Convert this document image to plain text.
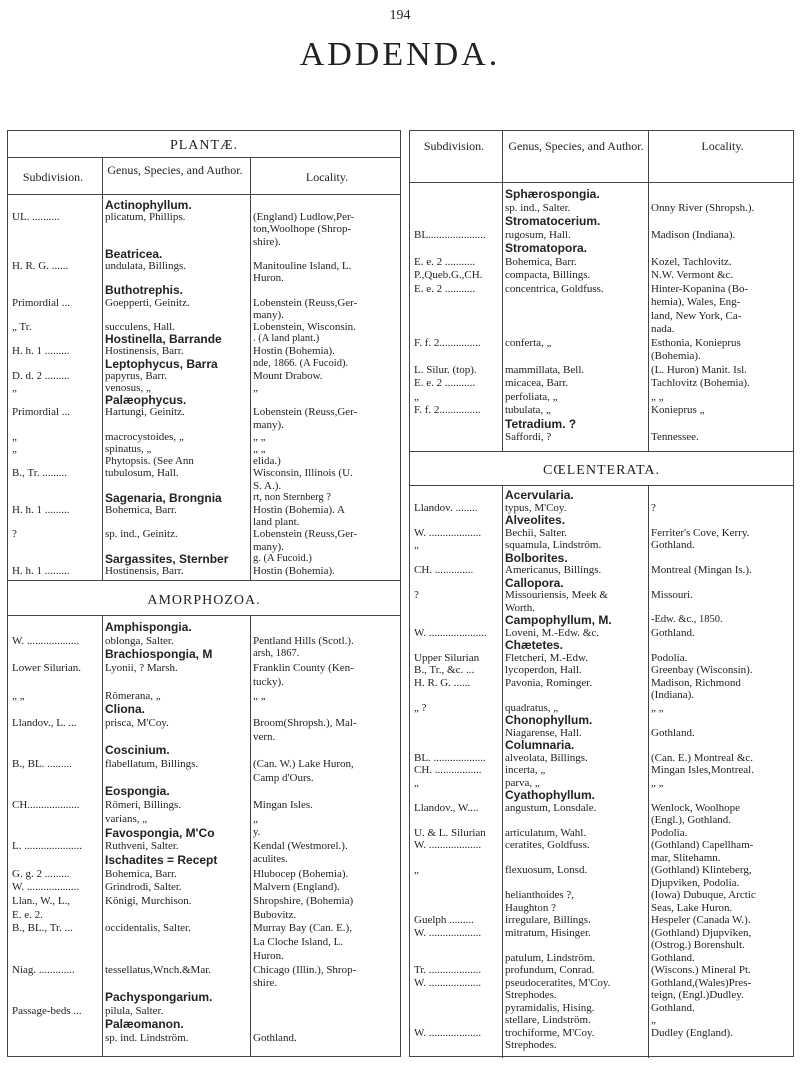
194
ADDENDA.
PLANTÆ.
Subdivision.	Genus, Species, and Author.	Locality.
Actinophyllum.
UL. ..........	plicatum, Phillips.	(England) Ludlow,Per-
ton,Woolhope (Shrop-
shire).
Beatricea.
H. R. G. ......	undulata, Billings.	Manitouline Island, L.
Huron.
Buthotrephis.
Primordial ...	Goepperti, Geinitz.	Lobenstein (Reuss,Ger-
many).
„ Tr.	succulens, Hall.	Lobenstein, Wisconsin.
Hostinella, Barrande	. (A land plant.)
H. h. 1 .........	Hostinensis, Barr.	Hostin (Bohemia).
Leptophycus, Barra	nde, 1866. (A Fucoid).
D. d. 2 .........	papyrus, Barr.	Mount Drabow.
„	venosus, „	„
Palæophycus.
Primordial ...	Hartungi, Geinitz.	Lobenstein (Reuss,Ger-
many).
„	macrocystoides, „	„ „
„	spinatus, „	„ „
Phytopsis. (See Ann	elida.)
B., Tr. .........	tubulosum, Hall.	Wisconsin, Illinois (U.
S. A.).
Sagenaria, Brongnia	rt, non Sternberg ?
H. h. 1 .........	Bohemica, Barr.	Hostin (Bohemia). A
land plant.
?	sp. ind., Geinitz.	Lobenstein (Reuss,Ger-
many).
Sargassites, Sternber	g. (A Fucoid.)
H. h. 1 .........	Hostinensis, Barr.	Hostin (Bohemia).
AMORPHOZOA.
Amphispongia.
W. ...................	oblonga, Salter.	Pentland Hills (Scotl.).
Brachiospongia, M	arsh, 1867.
Lower Silurian.	Lyonii, ? Marsh.	Franklin County (Ken-
tucky).
„ „	Römerana, „	„ „
Cliona.
Llandov., L. ...	prisca, M'Coy.	Broom(Shropsh.), Mal-
vern.
Coscinium.
B., BL. .........	flabellatum, Billings.	(Can. W.) Lake Huron,
Camp d'Ours.
Eospongia.
CH...................	Römeri, Billings.	Mingan Isles.
varians, „	„
Favospongia, M'Co	y.
L. .....................	Ruthveni, Salter.	Kendal (Westmorel.).
Ischadites = Recept	aculites.
G. g. 2 .........	Bohemica, Barr.	Hlubocep (Bohemia).
W. ...................	Grindrodi, Salter.	Malvern (England).
Llan., W., L.,	Königi, Murchison.	Shropshire, (Bohemia)
E. e. 2.	Bubovitz.
B., BL., Tr. ...	occidentalis, Salter.	Murray Bay (Can. E.),
La Cloche Island, L.
Huron.
Niag. .............	tessellatus,Wnch.&Mar.	Chicago (Illin.), Shrop-
shire.
Pachyspongarium.
Passage-beds ...	pilula, Salter.
Palæomanon.
sp. ind. Lindström.	Gothland.
Subdivision.	Genus, Species, and Author.	Locality.
Sphærospongia.
sp. ind., Salter.	Onny River (Shropsh.).
Stromatocerium.
BL.....................	rugosum, Hall.	Madison (Indiana).
Stromatopora.
E. e. 2 ...........	Bohemica, Barr.	Kozel, Tachlovitz.
P.,Queb.G.,CH.	compacta, Billings.	N.W. Vermont &c.
E. e. 2 ...........	concentrica, Goldfuss.	Hinter-Kopanina (Bo-
hemia), Wales, Eng-
land, New York, Ca-
nada.
F. f. 2...............	conferta, „	Esthonia, Konieprus
(Bohemia).
L. Silur. (top).	mammillata, Bell.	(L. Huron) Manit. Isl.
E. e. 2 ...........	micacea, Barr.	Tachlovitz (Bohemia).
„	perfoliata, „	„ „
F. f. 2...............	tubulata, „	Konieprus „
Tetradium. ?
Saffordi, ?	Tennessee.
CŒLENTERATA.
Acervularia.
Llandov. ........	typus, M'Coy.	?
Alveolites.
W. ...................	Bechii, Salter.	Ferriter's Cove, Kerry.
„	squamula, Lindström.	Gothland.
Bolborites.
CH. ..............	Americanus, Billings.	Montreal (Mingan Is.).
Callopora.
?	Missouriensis, Meek &	Missouri.
Worth.
Campophyllum, M.	-Edw. &c., 1850.
W. .....................	Loveni, M.-Edw. &c.	Gothland.
Chætetes.
Upper Silurian	Fletcheri, M.-Edw.	Podolia.
B., Tr., &c. ...	lycoperdon, Hall.	Greenbay (Wisconsin).
H. R. G. ......	Pavonia, Rominger.	Madison, Richmond
(Indiana).
„ ?	quadratus, „	„ „
Chonophyllum.
Niagarense, Hall.	Gothland.
Columnaria.
BL. ...................	alveolata, Billings.	(Can. E.) Montreal &c.
CH. .................	incerta, „	Mingan Isles,Montreal.
„	parva, „	„ „
Cyathophyllum.
Llandov., W....	angustum, Lonsdale.	Wenlock, Woolhope
(Engl.), Gothland.
U. & L. Silurian	articulatum, Wahl.	Podolia.
W. ...................	ceratites, Goldfuss.	(Gothland) Capellham-
mar, Slitehamn.
„	flexuosum, Lonsd.	(Gothland) Klinteberg,
Djupviken, Podolia.
helianthoides ?,	(Iowa) Dubuque, Arctic
Haughton ?	Seas, Lake Huron.
Guelph .........	irregulare, Billings.	Hespeler (Canada W.).
W. ...................	mitratum, Hisinger.	(Gothland) Djupviken,
(Ostrog.) Borenshult.
patulum, Lindström.	Gothland.
Tr. ...................	profundum, Conrad.	(Wiscons.) Mineral Pt.
W. ...................	pseudoceratites, M'Coy.	Gothland,(Wales)Pres-
Strephodes.	teign, (Engl.)Dudley.
pyramidalis, Hising.	Gothland.
stellare, Lindström.	„
W. ...................	trochiforme, M'Coy.	Dudley (England).
Strephodes.
